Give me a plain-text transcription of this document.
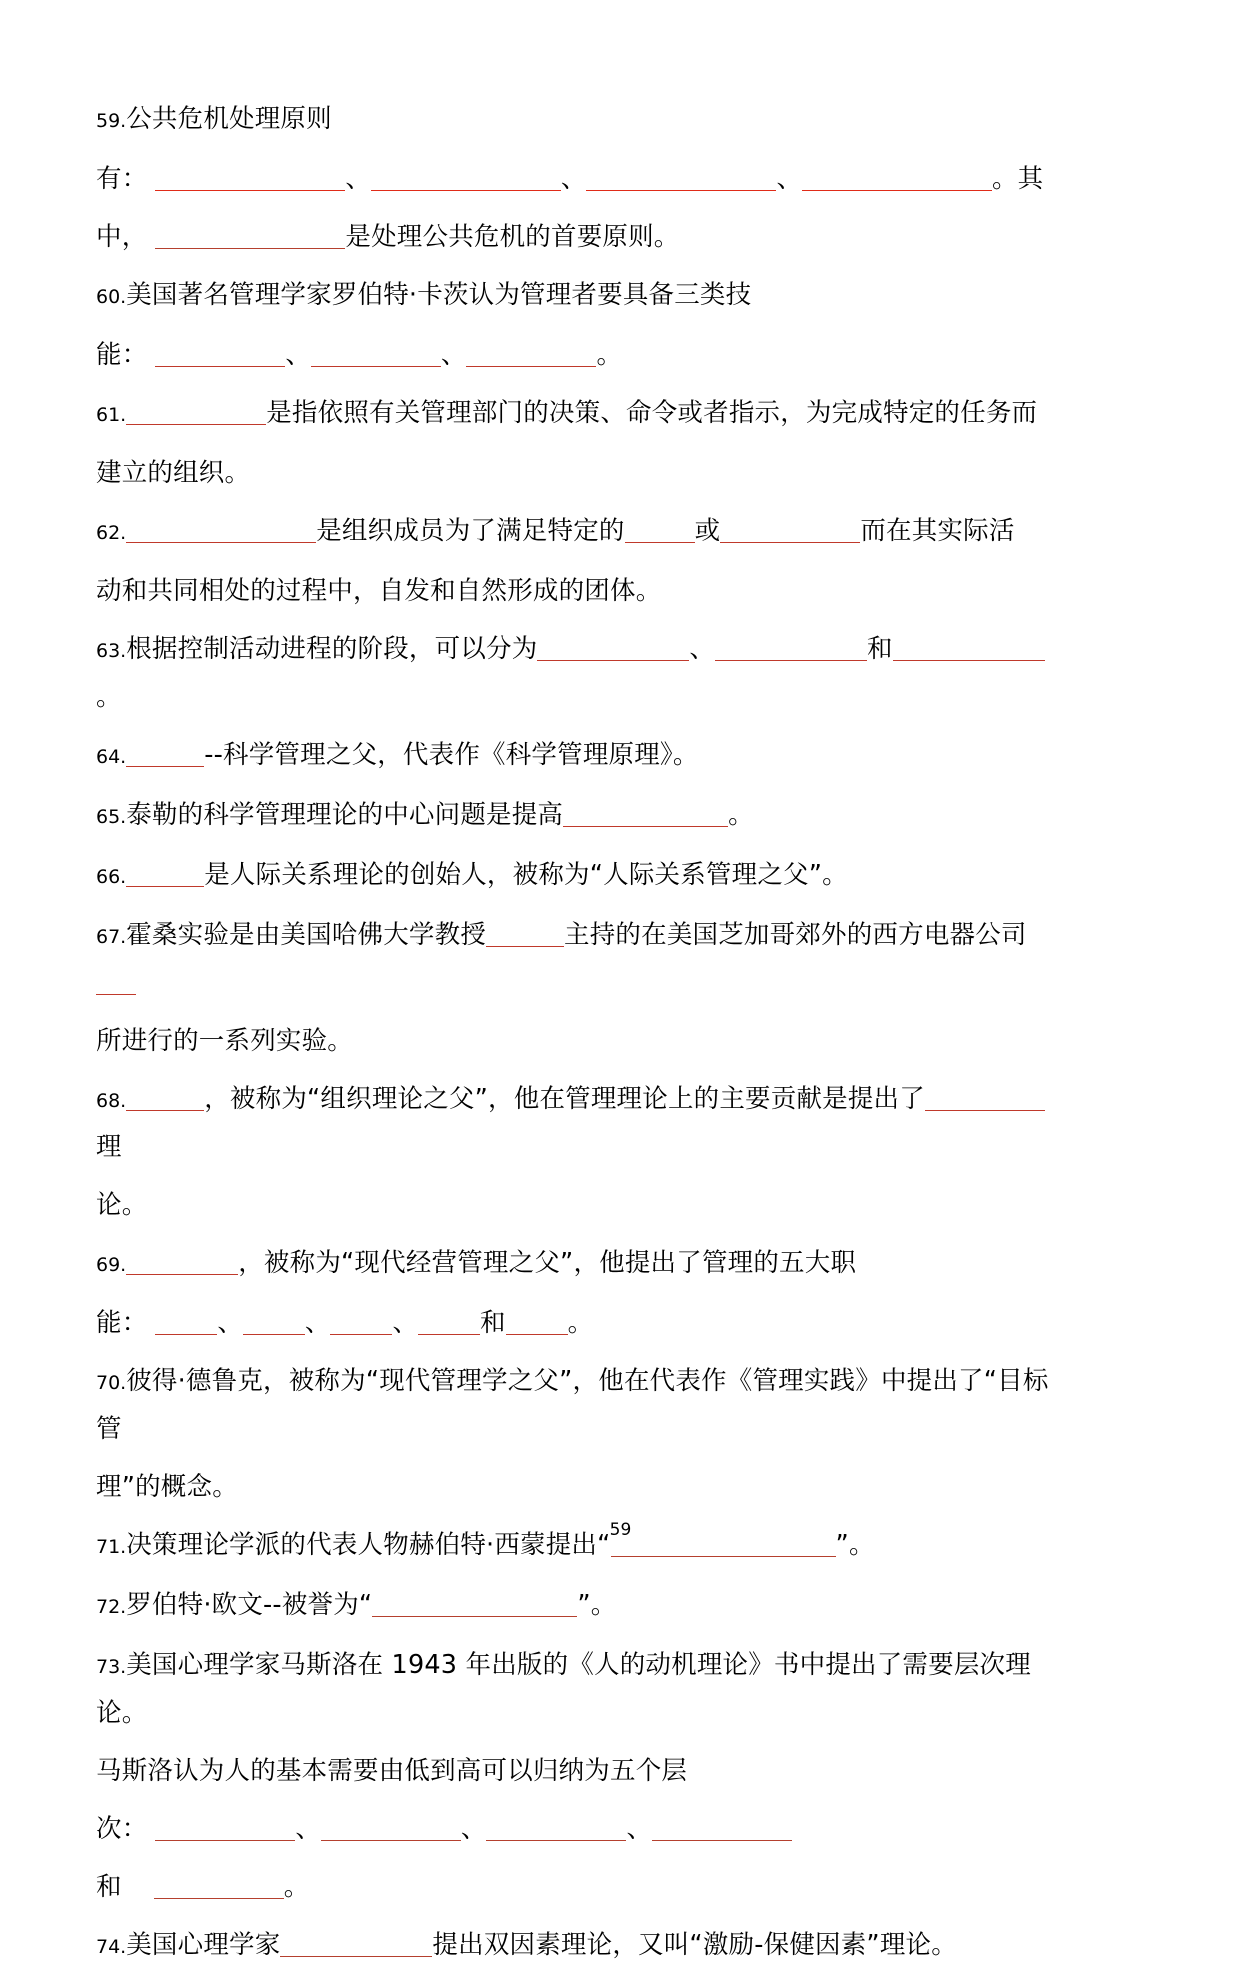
59.公共危机处理原则
有：	、	、	、	。其
中，	是处理公共危机的首要原则。
60.美国著名管理学家罗伯特·卡茨认为管理者要具备三类技
能：	、	、	。
61.	是指依照有关管理部门的决策、命令或者指示，为完成特定的任务而
建立的组织。
62.	是组织成员为了满足特定的	或	而在其实际活
动和共同相处的过程中，自发和自然形成的团体。
63.根据控制活动进程的阶段，可以分为	、	和。
64.	--科学管理之父，代表作《科学管理原理》。
65.泰勒的科学管理理论的中心问题是提高	。
66.	是人际关系理论的创始人，被称为“人际关系管理之父”。
67.霍桑实验是由美国哈佛大学教授	主持的在美国芝加哥郊外的西方电器公司
所进行的一系列实验。
68.	，被称为“组织理论之父”，他在管理理论上的主要贡献是提出了理
论。
69.	，被称为“现代经营管理之父”，他提出了管理的五大职
能：	、 、 、 和 。
70.彼得·德鲁克，被称为“现代管理学之父”，他在代表作《管理实践》中提出了“目标管
理”的概念。
71.决策理论学派的代表人物赫伯特·西蒙提出“	”。
72.罗伯特·欧文--被誉为“	”。
73.美国心理学家马斯洛在 1943 年出版的《人的动机理论》书中提出了需要层次理论。
马斯洛认为人的基本需要由低到高可以归纳为五个层
次：	、	、	、
和	。
74.美国心理学家	提出双因素理论，又叫“激励-保健因素”理论。
59
